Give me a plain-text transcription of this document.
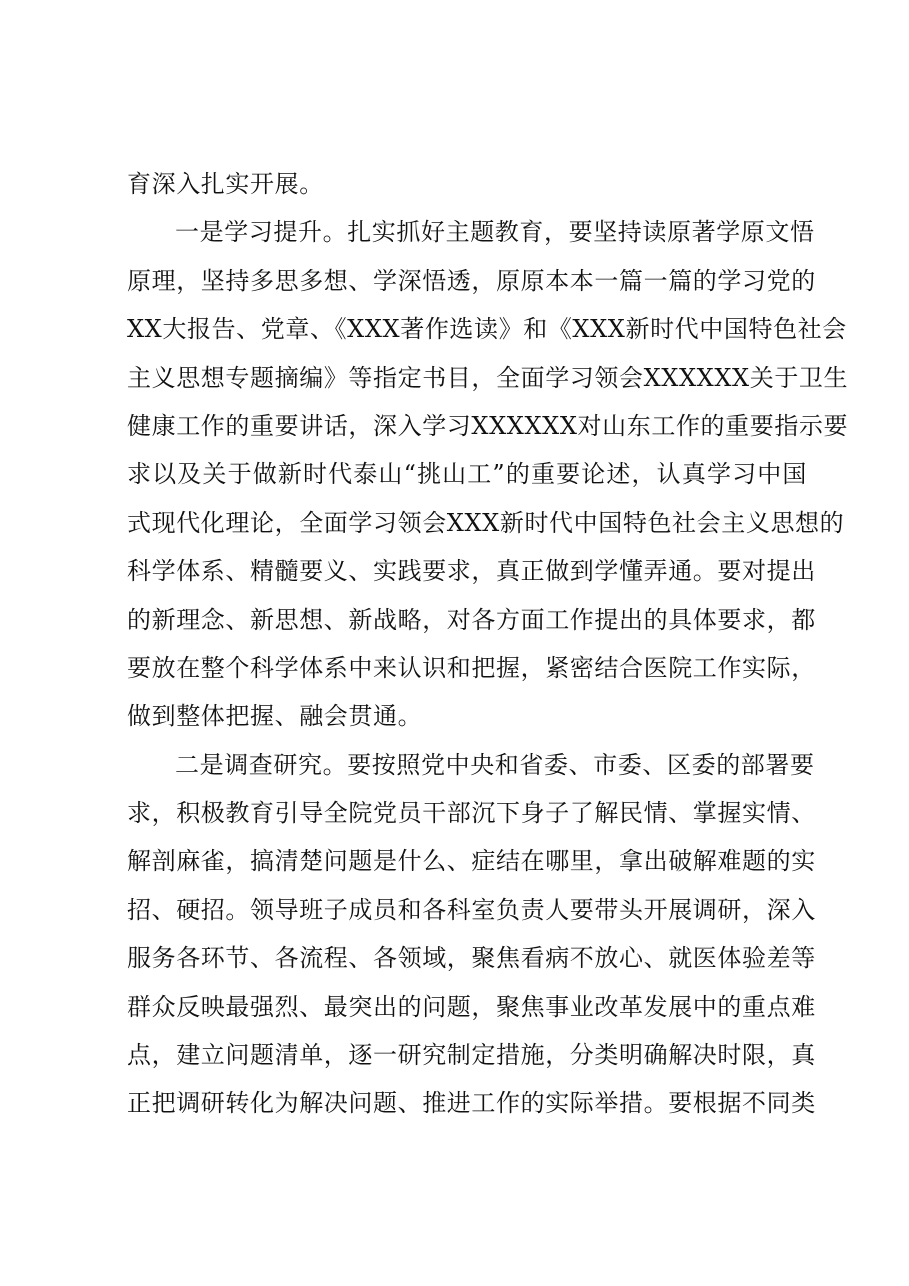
育深入扎实开展。
一是学习提升。扎实抓好主题教育，要坚持读原著学原文悟
原理，坚持多思多想、学深悟透，原原本本一篇一篇的学习党的
XX大报告、党章、《XXX著作选读》和《XXX新时代中国特色社会
主义思想专题摘编》等指定书目，全面学习领会XXXXXX关于卫生
健康工作的重要讲话，深入学习XXXXXX对山东工作的重要指示要
求以及关于做新时代泰山“挑山工”的重要论述，认真学习中国
式现代化理论，全面学习领会XXX新时代中国特色社会主义思想的
科学体系、精髓要义、实践要求，真正做到学懂弄通。要对提出
的新理念、新思想、新战略，对各方面工作提出的具体要求，都
要放在整个科学体系中来认识和把握，紧密结合医院工作实际，
做到整体把握、融会贯通。
二是调查研究。要按照党中央和省委、市委、区委的部署要
求，积极教育引导全院党员干部沉下身子了解民情、掌握实情、
解剖麻雀，搞清楚问题是什么、症结在哪里，拿出破解难题的实
招、硬招。领导班子成员和各科室负责人要带头开展调研，深入
服务各环节、各流程、各领域，聚焦看病不放心、就医体验差等
群众反映最强烈、最突出的问题，聚焦事业改革发展中的重点难
点，建立问题清单，逐一研究制定措施，分类明确解决时限，真
正把调研转化为解决问题、推进工作的实际举措。要根据不同类
